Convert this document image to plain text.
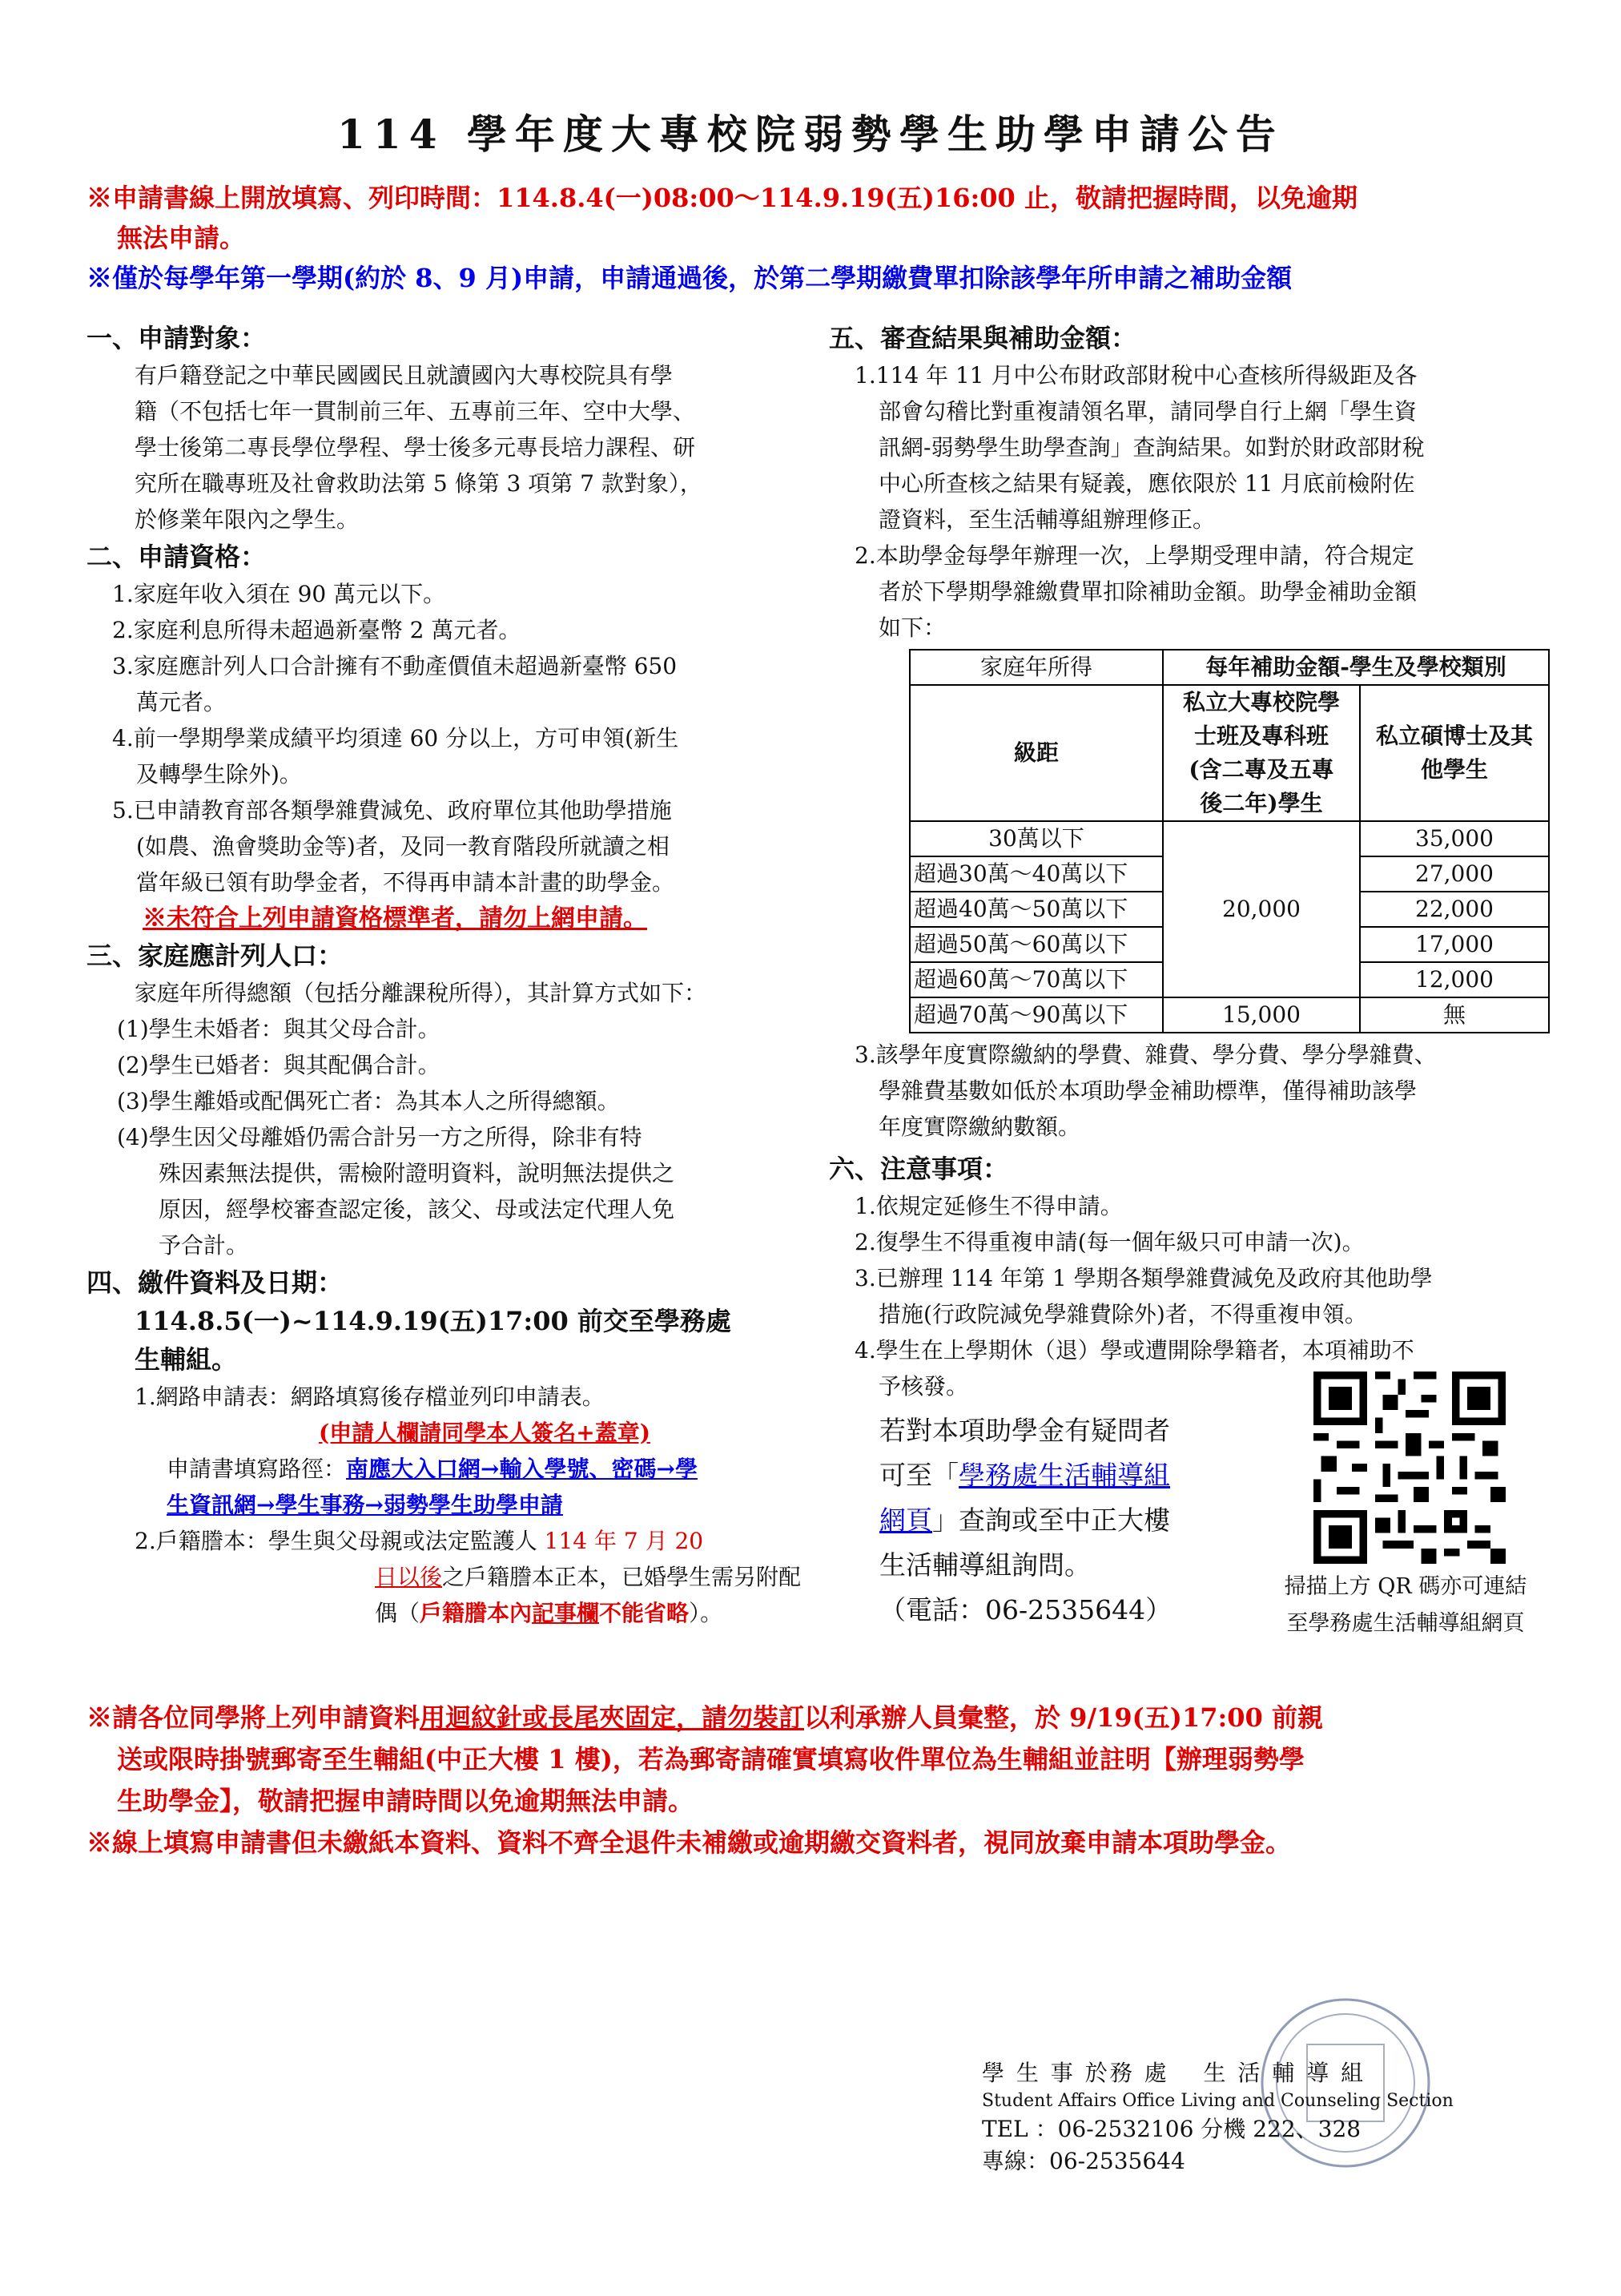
114 學年度大專校院弱勢學生助學申請公告
※申請書線上開放填寫、列印時間：114.8.4(一)08:00～114.9.19(五)16:00 止，敬請把握時間，以免逾期
無法申請。
※僅於每學年第一學期(約於 8、9 月)申請，申請通過後，於第二學期繳費單扣除該學年所申請之補助金額
一、申請對象：
有戶籍登記之中華民國國民且就讀國內大專校院具有學
籍（不包括七年一貫制前三年、五專前三年、空中大學、
學士後第二專長學位學程、學士後多元專長培力課程、研
究所在職專班及社會救助法第 5 條第 3 項第 7 款對象），
於修業年限內之學生。
二、申請資格：
1.家庭年收入須在 90 萬元以下。
2.家庭利息所得未超過新臺幣 2 萬元者。
3.家庭應計列人口合計擁有不動產價值未超過新臺幣 650
萬元者。
4.前一學期學業成績平均須達 60 分以上，方可申領(新生
及轉學生除外)。
5.已申請教育部各類學雜費減免、政府單位其他助學措施
(如農、漁會獎助金等)者，及同一教育階段所就讀之相
當年級已領有助學金者，不得再申請本計畫的助學金。
※未符合上列申請資格標準者，請勿上網申請。
三、家庭應計列人口：
家庭年所得總額（包括分離課稅所得），其計算方式如下：
(1)學生未婚者：與其父母合計。
(2)學生已婚者：與其配偶合計。
(3)學生離婚或配偶死亡者：為其本人之所得總額。
(4)學生因父母離婚仍需合計另一方之所得，除非有特
殊因素無法提供，需檢附證明資料，說明無法提供之
原因，經學校審查認定後，該父、母或法定代理人免
予合計。
四、繳件資料及日期：
114.8.5(一)~114.9.19(五)17:00 前交至學務處
生輔組。
1.網路申請表：網路填寫後存檔並列印申請表。
(申請人欄請同學本人簽名+蓋章)
申請書填寫路徑：南應大入口網→輸入學號、密碼→學
生資訊網→學生事務→弱勢學生助學申請
2.戶籍謄本：學生與父母親或法定監護人 114 年 7 月 20
日以後之戶籍謄本正本，已婚學生需另附配
偶（戶籍謄本內記事欄不能省略）。
五、審查結果與補助金額：
1.114 年 11 月中公布財政部財稅中心查核所得級距及各
部會勾稽比對重複請領名單，請同學自行上網「學生資
訊網-弱勢學生助學查詢」查詢結果。如對於財政部財稅
中心所查核之結果有疑義，應依限於 11 月底前檢附佐
證資料，至生活輔導組辦理修正。
2.本助學金每學年辦理一次，上學期受理申請，符合規定
者於下學期學雜繳費單扣除補助金額。助學金補助金額
如下：
家庭年所得	每年補助金額-學生及學校類別	
級距	私立大專校院學
士班及專科班
(含二專及五專
後二年)學生	私立碩博士及其
他學生
30萬以下	20,000	35,000
超過30萬～40萬以下		27,000
超過40萬～50萬以下		22,000
超過50萬～60萬以下		17,000
超過60萬～70萬以下		12,000
超過70萬～90萬以下	15,000	無
3.該學年度實際繳納的學費、雜費、學分費、學分學雜費、
學雜費基數如低於本項助學金補助標準，僅得補助該學
年度實際繳納數額。
六、注意事項：
1.依規定延修生不得申請。
2.復學生不得重複申請(每一個年級只可申請一次)。
3.已辦理 114 年第 1 學期各類學雜費減免及政府其他助學
措施(行政院減免學雜費除外)者，不得重複申領。
4.學生在上學期休（退）學或遭開除學籍者，本項補助不
予核發。
若對本項助學金有疑問者
可至「學務處生活輔導組
網頁」查詢或至中正大樓
生活輔導組詢問。
（電話：06-2535644）
掃描上方 QR 碼亦可連結
至學務處生活輔導組網頁
※請各位同學將上列申請資料用迴紋針或長尾夾固定，請勿裝訂以利承辦人員彙整，於 9/19(五)17:00 前親
送或限時掛號郵寄至生輔組(中正大樓 1 樓)，若為郵寄請確實填寫收件單位為生輔組並註明【辦理弱勢學
生助學金】，敬請把握申請時間以免逾期無法申請。
※線上填寫申請書但未繳紙本資料、資料不齊全退件未補繳或逾期繳交資料者，視同放棄申請本項助學金。
學 生 事 於務 處　 生 活 輔 導 組
Student Affairs Office Living and Counseling Section
TEL ：06-2532106 分機 222、328
專線：06-2535644
